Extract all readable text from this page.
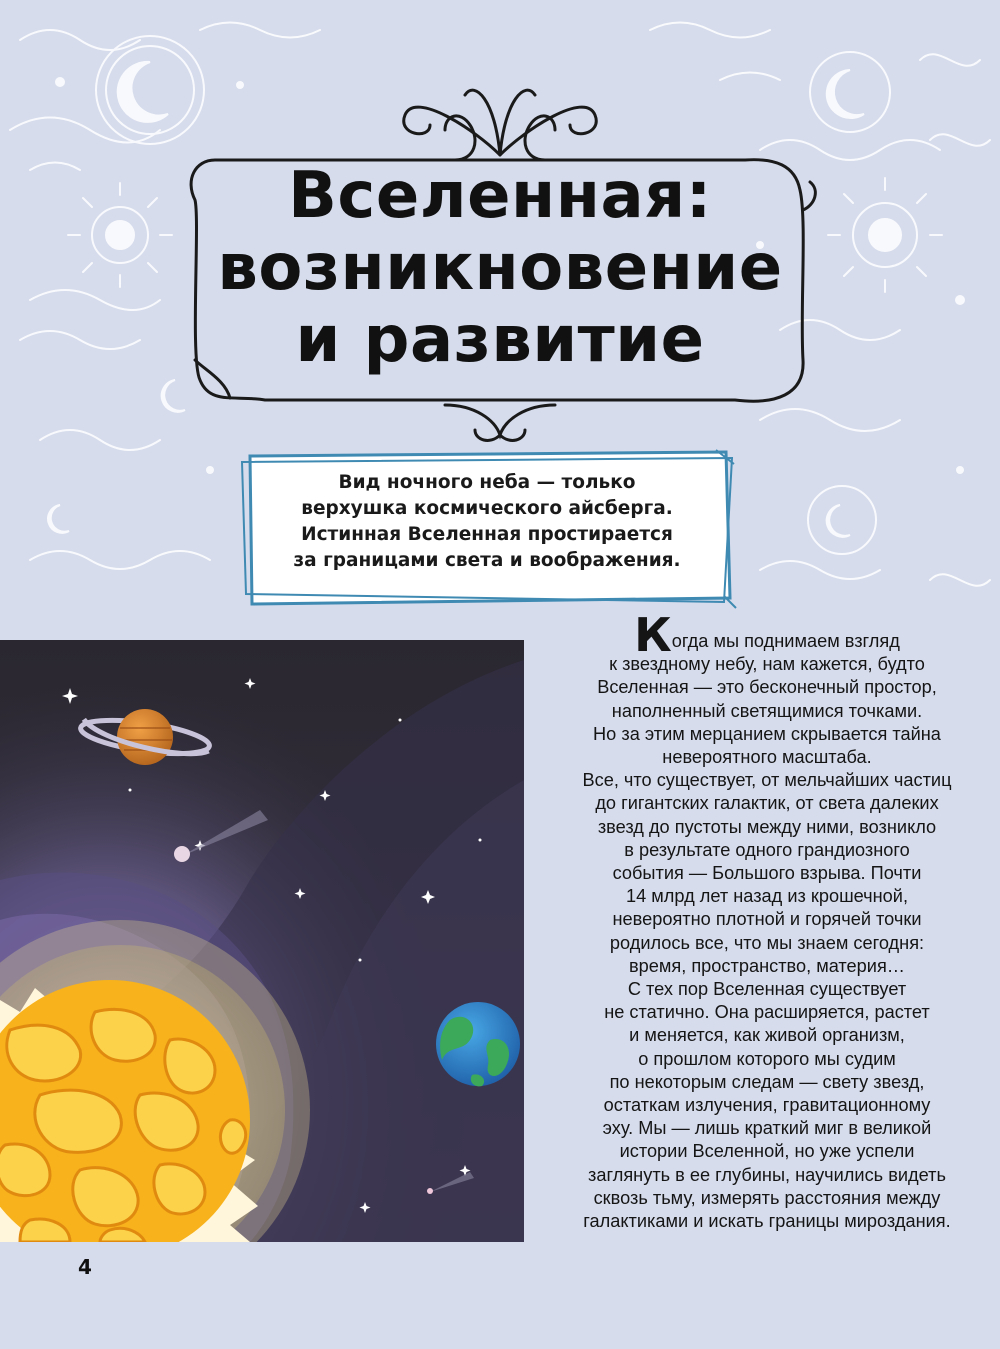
Вселенная:
возникновение
и развитие
Вид ночного неба — только
верхушка космического айсберга.
Истинная Вселенная простирается
за границами света и воображения.
Когда мы поднимаем взгляд
к звездному небу, нам кажется, будто
Вселенная — это бесконечный простор,
наполненный светящимися точками.
Но за этим мерцанием скрывается тайна
невероятного масштаба.
Все, что существует, от мельчайших частиц
до гигантских галактик, от света далеких
звезд до пустоты между ними, возникло
в результате одного грандиозного
события — Большого взрыва. Почти
14 млрд лет назад из крошечной,
невероятно плотной и горячей точки
родилось все, что мы знаем сегодня:
время, пространство, материя…
С тех пор Вселенная существует
не статично. Она расширяется, растет
и меняется, как живой организм,
о прошлом которого мы судим
по некоторым следам — свету звезд,
остаткам излучения, гравитационному
эху. Мы — лишь краткий миг в великой
истории Вселенной, но уже успели
заглянуть в ее глубины, научились видеть
сквозь тьму, измерять расстояния между
галактиками и искать границы мироздания.
4
